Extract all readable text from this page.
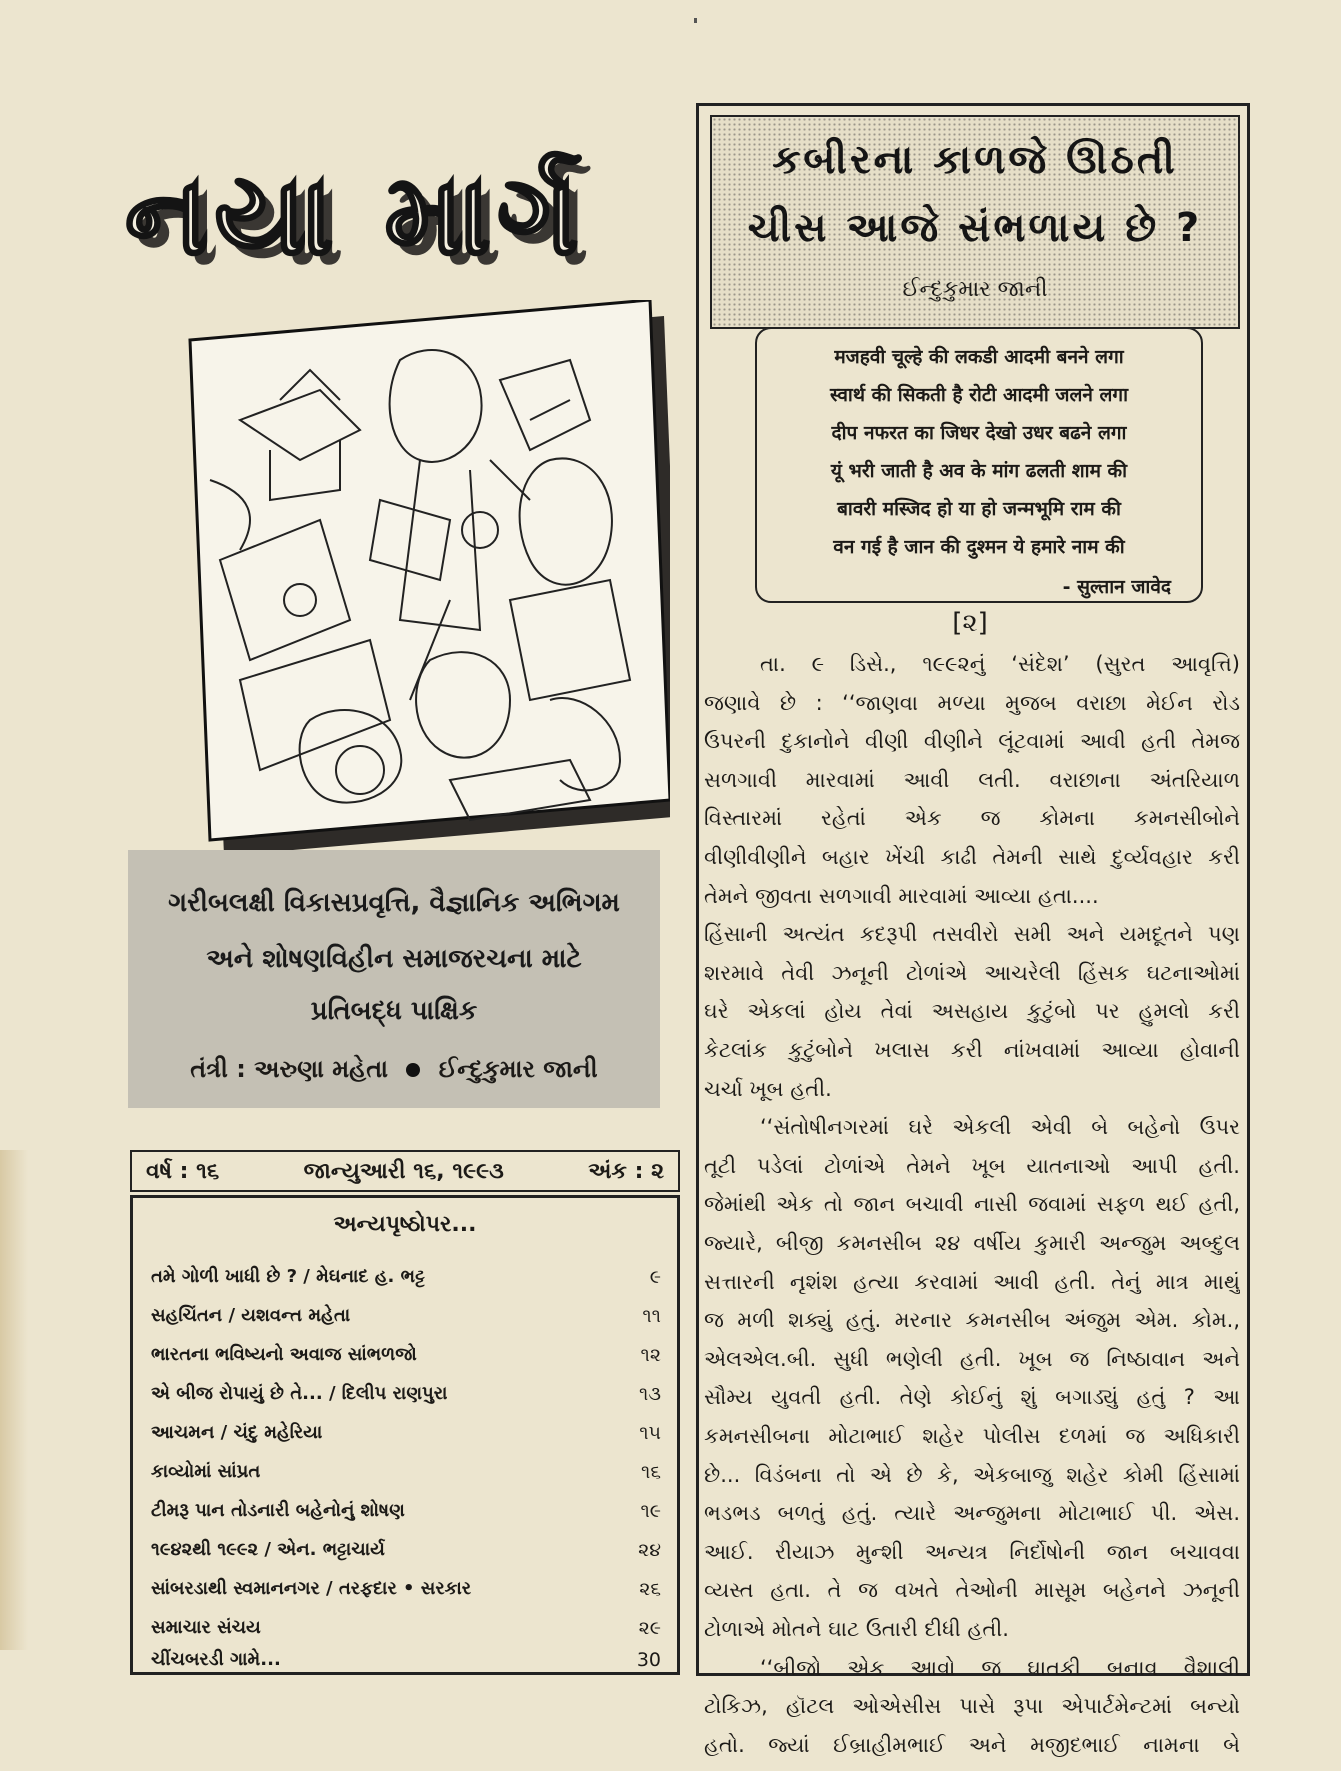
નયા માર્ગ
ગરીબલક્ષી વિકાસપ્રવૃત્તિ, વૈજ્ઞાનિક અભિગમ
અને શોષણવિહીન સમાજરચના માટે
પ્રતિબદ્ધ પાક્ષિક
તંત્રી : અરુણા મહેતા ઈન્દુકુમાર જાની
વર્ષ : ૧૬	જાન્યુઆરી ૧૬, ૧૯૯૩	અંક : ૨
અન્યપૃષ્ઠોપર...
તમે ગોળી ખાધી છે ? / મેઘનાદ હ. ભટ્ટ	૯
સહચિંતન / યશવન્ત મહેતા	૧૧
ભારતના ભવિષ્યનો અવાજ સાંભળજો	૧૨
એ બીજ રોપાયું છે તે... / દિલીપ રાણપુરા	૧૩
આચમન / ચંદુ મહેરિયા	૧૫
કાવ્યોમાં સાંપ્રત	૧૬
ટીમરૂ પાન તોડનારી બહેનોનું શોષણ	૧૯
૧૯૪૨થી ૧૯૯૨ / એન. ભટ્ટાચાર્ય	૨૪
સાંબરડાથી સ્વમાનનગર / તરફદાર • સરકાર	૨૬
સમાચાર સંચય	૨૯
ચીંચબરડી ગામે...	30
કબીરના કાળજે ઊઠતી
ચીસ આજે સંભળાય છે ?
ઈન્દુકુમાર જાની
मजहवी चूल्हे की लकडी आदमी बनने लगा
स्वार्थ की सिकती है रोटी आदमी जलने लगा
दीप नफरत का जिधर देखो उधर बढने लगा
यूं भरी जाती है अव के मांग ढलती शाम की
बावरी मस्जिद हो या हो जन्मभूमि राम की
वन गई है जान की दुश्मन ये हमारे नाम की
- सुल्तान जावेद
[૨]
તા. ૯ ડિસે., ૧૯૯૨નું ‘સંદેશ’ (સુરત આવૃત્તિ)
જણાવે છે : ‘‘જાણવા મળ્યા મુજબ વરાછા મેઈન રોડ
ઉપરની દુકાનોને વીણી વીણીને લૂંટવામાં આવી હતી તેમજ
સળગાવી મારવામાં આવી લતી. વરાછાના અંતરિયાળ
વિસ્તારમાં રહેતાં એક જ કોમના કમનસીબોને
વીણીવીણીને બહાર ખેંચી કાઢી તેમની સાથે દુર્વ્યવહાર કરી
તેમને જીવતા સળગાવી મારવામાં આવ્યા હતા....
હિંસાની અત્યંત કદરૂપી તસવીરો સમી અને યમદૂતને પણ
શરમાવે તેવી ઝનૂની ટોળાંએ આચરેલી હિંસક ઘટનાઓમાં
ઘરે એકલાં હોય તેવાં અસહાય કુટુંબો પર હુમલો કરી
કેટલાંક કુટુંબોને ખલાસ કરી નાંખવામાં આવ્યા હોવાની
ચર્ચા ખૂબ હતી.
‘‘સંતોષીનગરમાં ઘરે એકલી એવી બે બહેનો ઉપર
તૂટી પડેલાં ટોળાંએ તેમને ખૂબ યાતનાઓ આપી હતી.
જેમાંથી એક તો જાન બચાવી નાસી જવામાં સફળ થઈ હતી,
જ્યારે, બીજી કમનસીબ ૨૪ વર્ષીય કુમારી અન્જુમ અબ્દુલ
સત્તારની નૃશંશ હત્યા કરવામાં આવી હતી. તેનું માત્ર માથું
જ મળી શક્યું હતું. મરનાર કમનસીબ અંજુમ એમ. કોમ.,
એલએલ.બી. સુધી ભણેલી હતી. ખૂબ જ નિષ્ઠાવાન અને
સૌમ્ય યુવતી હતી. તેણે કોઈનું શું બગાડ્યું હતું ? આ
કમનસીબના મોટાભાઈ શહેર પોલીસ દળમાં જ અધિકારી
છે... વિડંબના તો એ છે કે, એકબાજુ શહેર કોમી હિંસામાં
ભડભડ બળતું હતું. ત્યારે અન્જુમના મોટાભાઈ પી. એસ.
આઈ. રીયાઝ મુન્શી અન્યત્ર નિર્દોષોની જાન બચાવવા
વ્યસ્ત હતા. તે જ વખતે તેઓની માસૂમ બહેનને ઝનૂની
ટોળાએ મોતને ઘાટ ઉતારી દીધી હતી.
‘‘બીજો એક આવો જ ઘાતકી બનાવ વૈશાલી
ટોકિઝ, હૉટલ ઓએસીસ પાસે રૂપા એપાર્ટમેન્ટમાં બન્યો
હતો. જ્યાં ઈબ્રાહીમભાઈ અને મજીદભાઈ નામના બે
